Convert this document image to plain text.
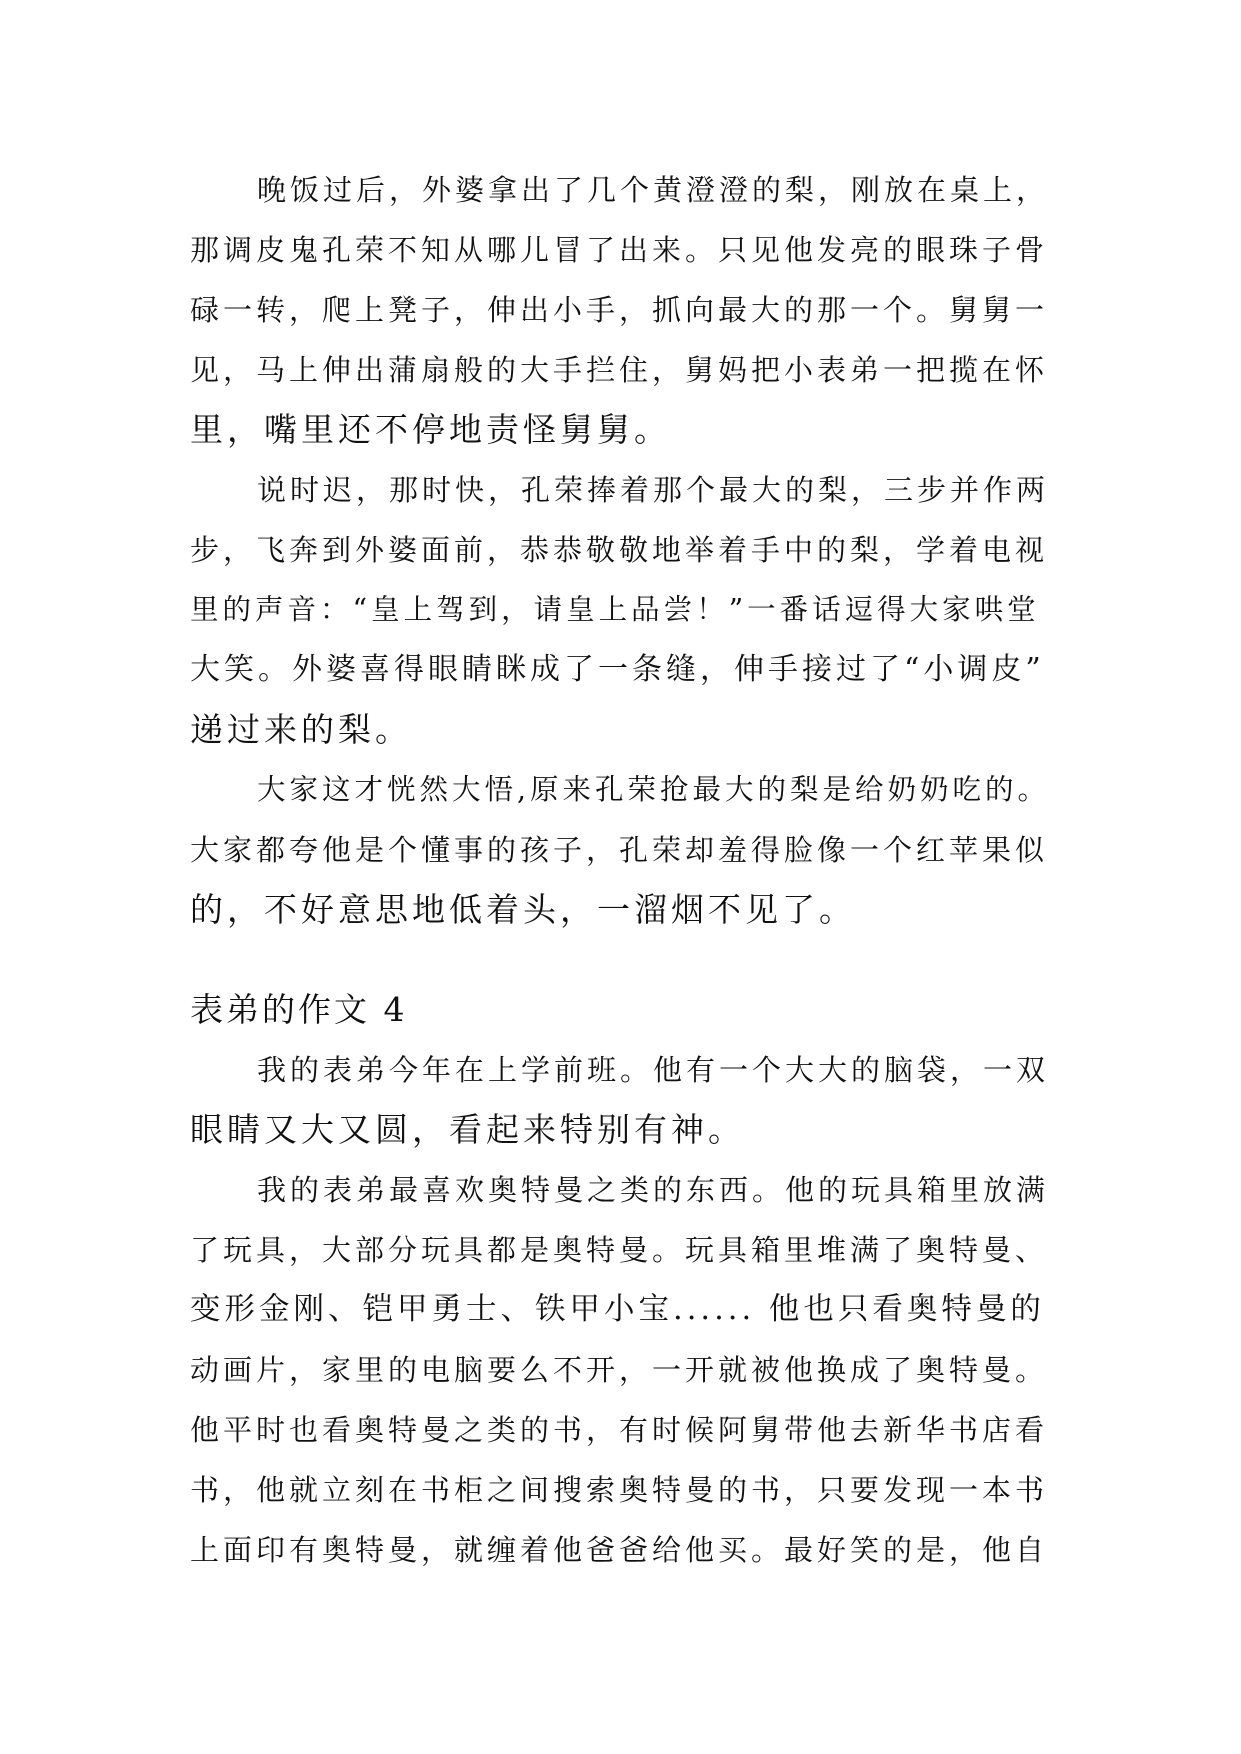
晚饭过后，外婆拿出了几个黄澄澄的梨，刚放在桌上，
那调皮鬼孔荣不知从哪儿冒了出来。只见他发亮的眼珠子骨
碌一转，爬上凳子，伸出小手，抓向最大的那一个。舅舅一
见，马上伸出蒲扇般的大手拦住，舅妈把小表弟一把揽在怀
里，嘴里还不停地责怪舅舅。
说时迟，那时快，孔荣捧着那个最大的梨，三步并作两
步，飞奔到外婆面前，恭恭敬敬地举着手中的梨，学着电视
里的声音：“皇上驾到，请皇上品尝！”一番话逗得大家哄堂
大笑。外婆喜得眼睛眯成了一条缝，伸手接过了“小调皮”
递过来的梨。
大家这才恍然大悟,原来孔荣抢最大的梨是给奶奶吃的。
大家都夸他是个懂事的孩子，孔荣却羞得脸像一个红苹果似
的，不好意思地低着头，一溜烟不见了。
表弟的作文 4
我的表弟今年在上学前班。他有一个大大的脑袋，一双
眼睛又大又圆，看起来特别有神。
我的表弟最喜欢奥特曼之类的东西。他的玩具箱里放满
了玩具，大部分玩具都是奥特曼。玩具箱里堆满了奥特曼、
变形金刚、铠甲勇士、铁甲小宝...... 他也只看奥特曼的
动画片，家里的电脑要么不开，一开就被他换成了奥特曼。
他平时也看奥特曼之类的书，有时候阿舅带他去新华书店看
书，他就立刻在书柜之间搜索奥特曼的书，只要发现一本书
上面印有奥特曼，就缠着他爸爸给他买。最好笑的是，他自
